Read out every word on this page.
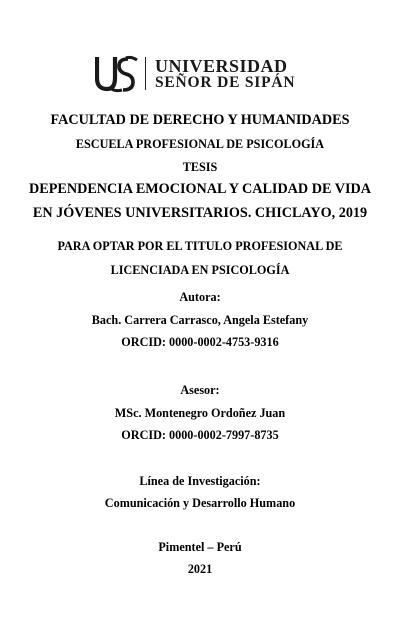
UNIVERSIDAD
SEÑOR DE SIPÁN
FACULTAD DE DERECHO Y HUMANIDADES
ESCUELA PROFESIONAL DE PSICOLOGÍA
TESIS
DEPENDENCIA EMOCIONAL Y CALIDAD DE VIDA
EN JÓVENES UNIVERSITARIOS. CHICLAYO, 2019
PARA OPTAR POR EL TITULO PROFESIONAL DE
LICENCIADA EN PSICOLOGÍA
Autora:
Bach. Carrera Carrasco, Angela Estefany
ORCID: 0000-0002-4753-9316
Asesor:
MSc. Montenegro Ordoñez Juan
ORCID: 0000-0002-7997-8735
Línea de Investigación:
Comunicación y Desarrollo Humano
Pimentel – Perú
2021
